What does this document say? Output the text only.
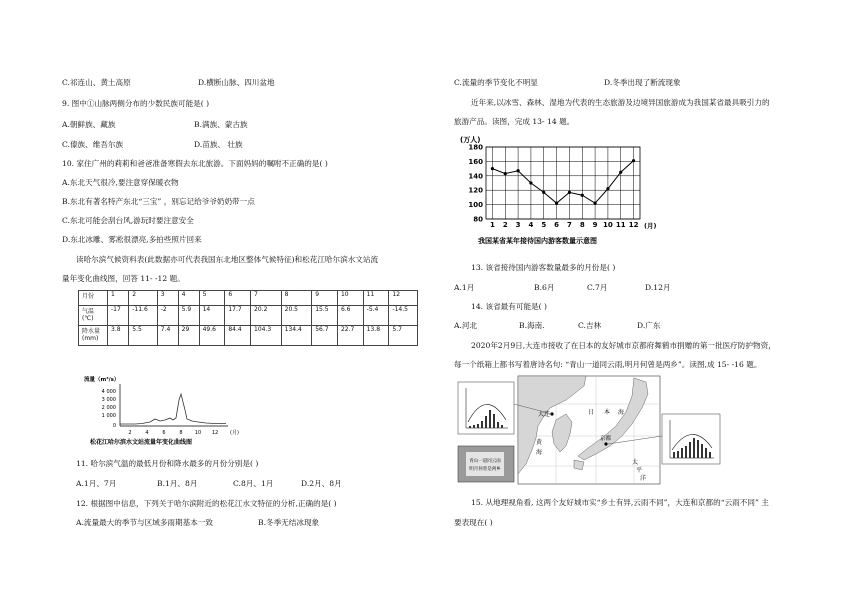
C.祁连山、黄土高原	D.横断山脉、四川盆地
9. 图中①山脉两侧分布的少数民族可能是( )
A.朝鲜族、藏族	B.满族、蒙古族
C.傣族、维吾尔族	D.苗族、 壮族
10. 家住广州的莉莉和爸爸准备寒假去东北旅游。下面妈妈的嘱咐不正确的是( )
A.东北天气很冷,要注意穿保暖衣物
B.东北有著名特产东北“三宝” ，别忘记给爷爷奶奶带一点
C.东北可能会刮台风,游玩时要注意安全
D.东北冰雕、雾凇很漂亮,多拍些照片回来
读哈尔滨气候资料表(此数据亦可代表我国东北地区整体气候特征)和松花江哈尔滨水文站流
量年变化曲线图，回答 11- -12 题。
月份	1	2	3	4	5	6	7	8	9	10	11	12
气温
(℃)	-17	-11.6	-2	5.9	14	17.7	20.2	20.5	15.5	6.6	-5.4	-14.5
降水量
(mm)	3.8	5.5	7.4	29	49.6	84.4	104.3	134.4	56.7	22.7	13.8	5.7
流量（m³/s）
4 000
3 000
2 000
1 000
0
2	4	6	8 10 12 (月)
松花江哈尔滨水文站流量年变化曲线图
11. 哈尔滨气温的最低月份和降水最多的月份分别是( )
A.1月、7月	B.1月、8月	C.8月、1月	D.2月、8月
12. 根据图中信息，下列关于哈尔滨附近的松花江水文特征的分析,正确的是( )
A.流量最大的季节与区域多雨期基本一致	B.冬季无结冰现象
C.流量的季节变化不明显	D.冬季出现了断流现象
近年来,以冰雪、森林、湿地为代表的生态旅游及边境异国旅游成为我国某省最具吸引力的
旅游产品。读图，完成 13- 14 题。
(万人)
80
100
120
140
160
180
1 2 3 4 5 6 7 8 9 10 11 12 (月)
我国某省某年接待国内游客数量示意图
13. 该省接待国内游客数量最多的月份是( )
A.1月	B.6月	C.7月	D.12月
14. 该省最有可能是( )
A.河北	B.海南.	C.吉林	D.广东
2020年2月9日,大连市接收了在日本的友好城市京都府舞鹤市捐赠的第一批医疗防护物资，
每一个纸箱上都书写着唐诗名句: “青山一道同云雨,明月何曾是两乡”。读图,成 15- -16 题。
大连	日 本 海
黄
海
京都
太
平
洋
青山一道同云雨
明月何曾是两乡
15. 从地理视角看, 这两个友好城市实“乡士有异,云雨不同”，大连和京都的“云雨不同” 主
要表现在( )
